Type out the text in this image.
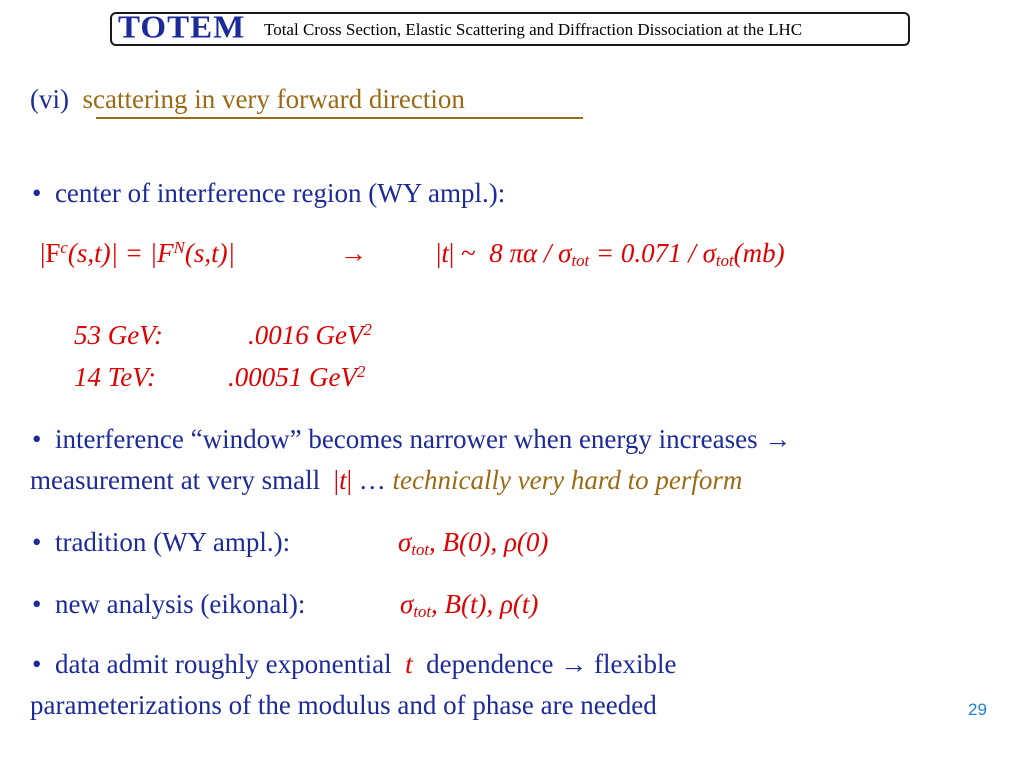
TOTEM Total Cross Section, Elastic Scattering and Diffraction Dissociation at the LHC
(vi) scattering in very forward direction
• center of interference region (WY ampl.):
$|F^c(s,t)| = |F^N(s,t)|$	→	|t| ~ 8 $\pi\alpha / \sigma_{tot} = 0.071 / \sigma_{tot}(mb)$
53 GeV:	.0016 GeV$^2$
14 TeV:	.00051 GeV$^2$
• interference “window” becomes narrower when energy increases →
measurement at very small |t| … technically very hard to perform
• tradition (WY ampl.):	$\sigma_{tot}$, B(0), ρ(0)
• new analysis (eikonal):	$\sigma_{tot}$, B(t), ρ(t)
• data admit roughly exponential t dependence → flexible
parameterizations of the modulus and of phase are needed	29
